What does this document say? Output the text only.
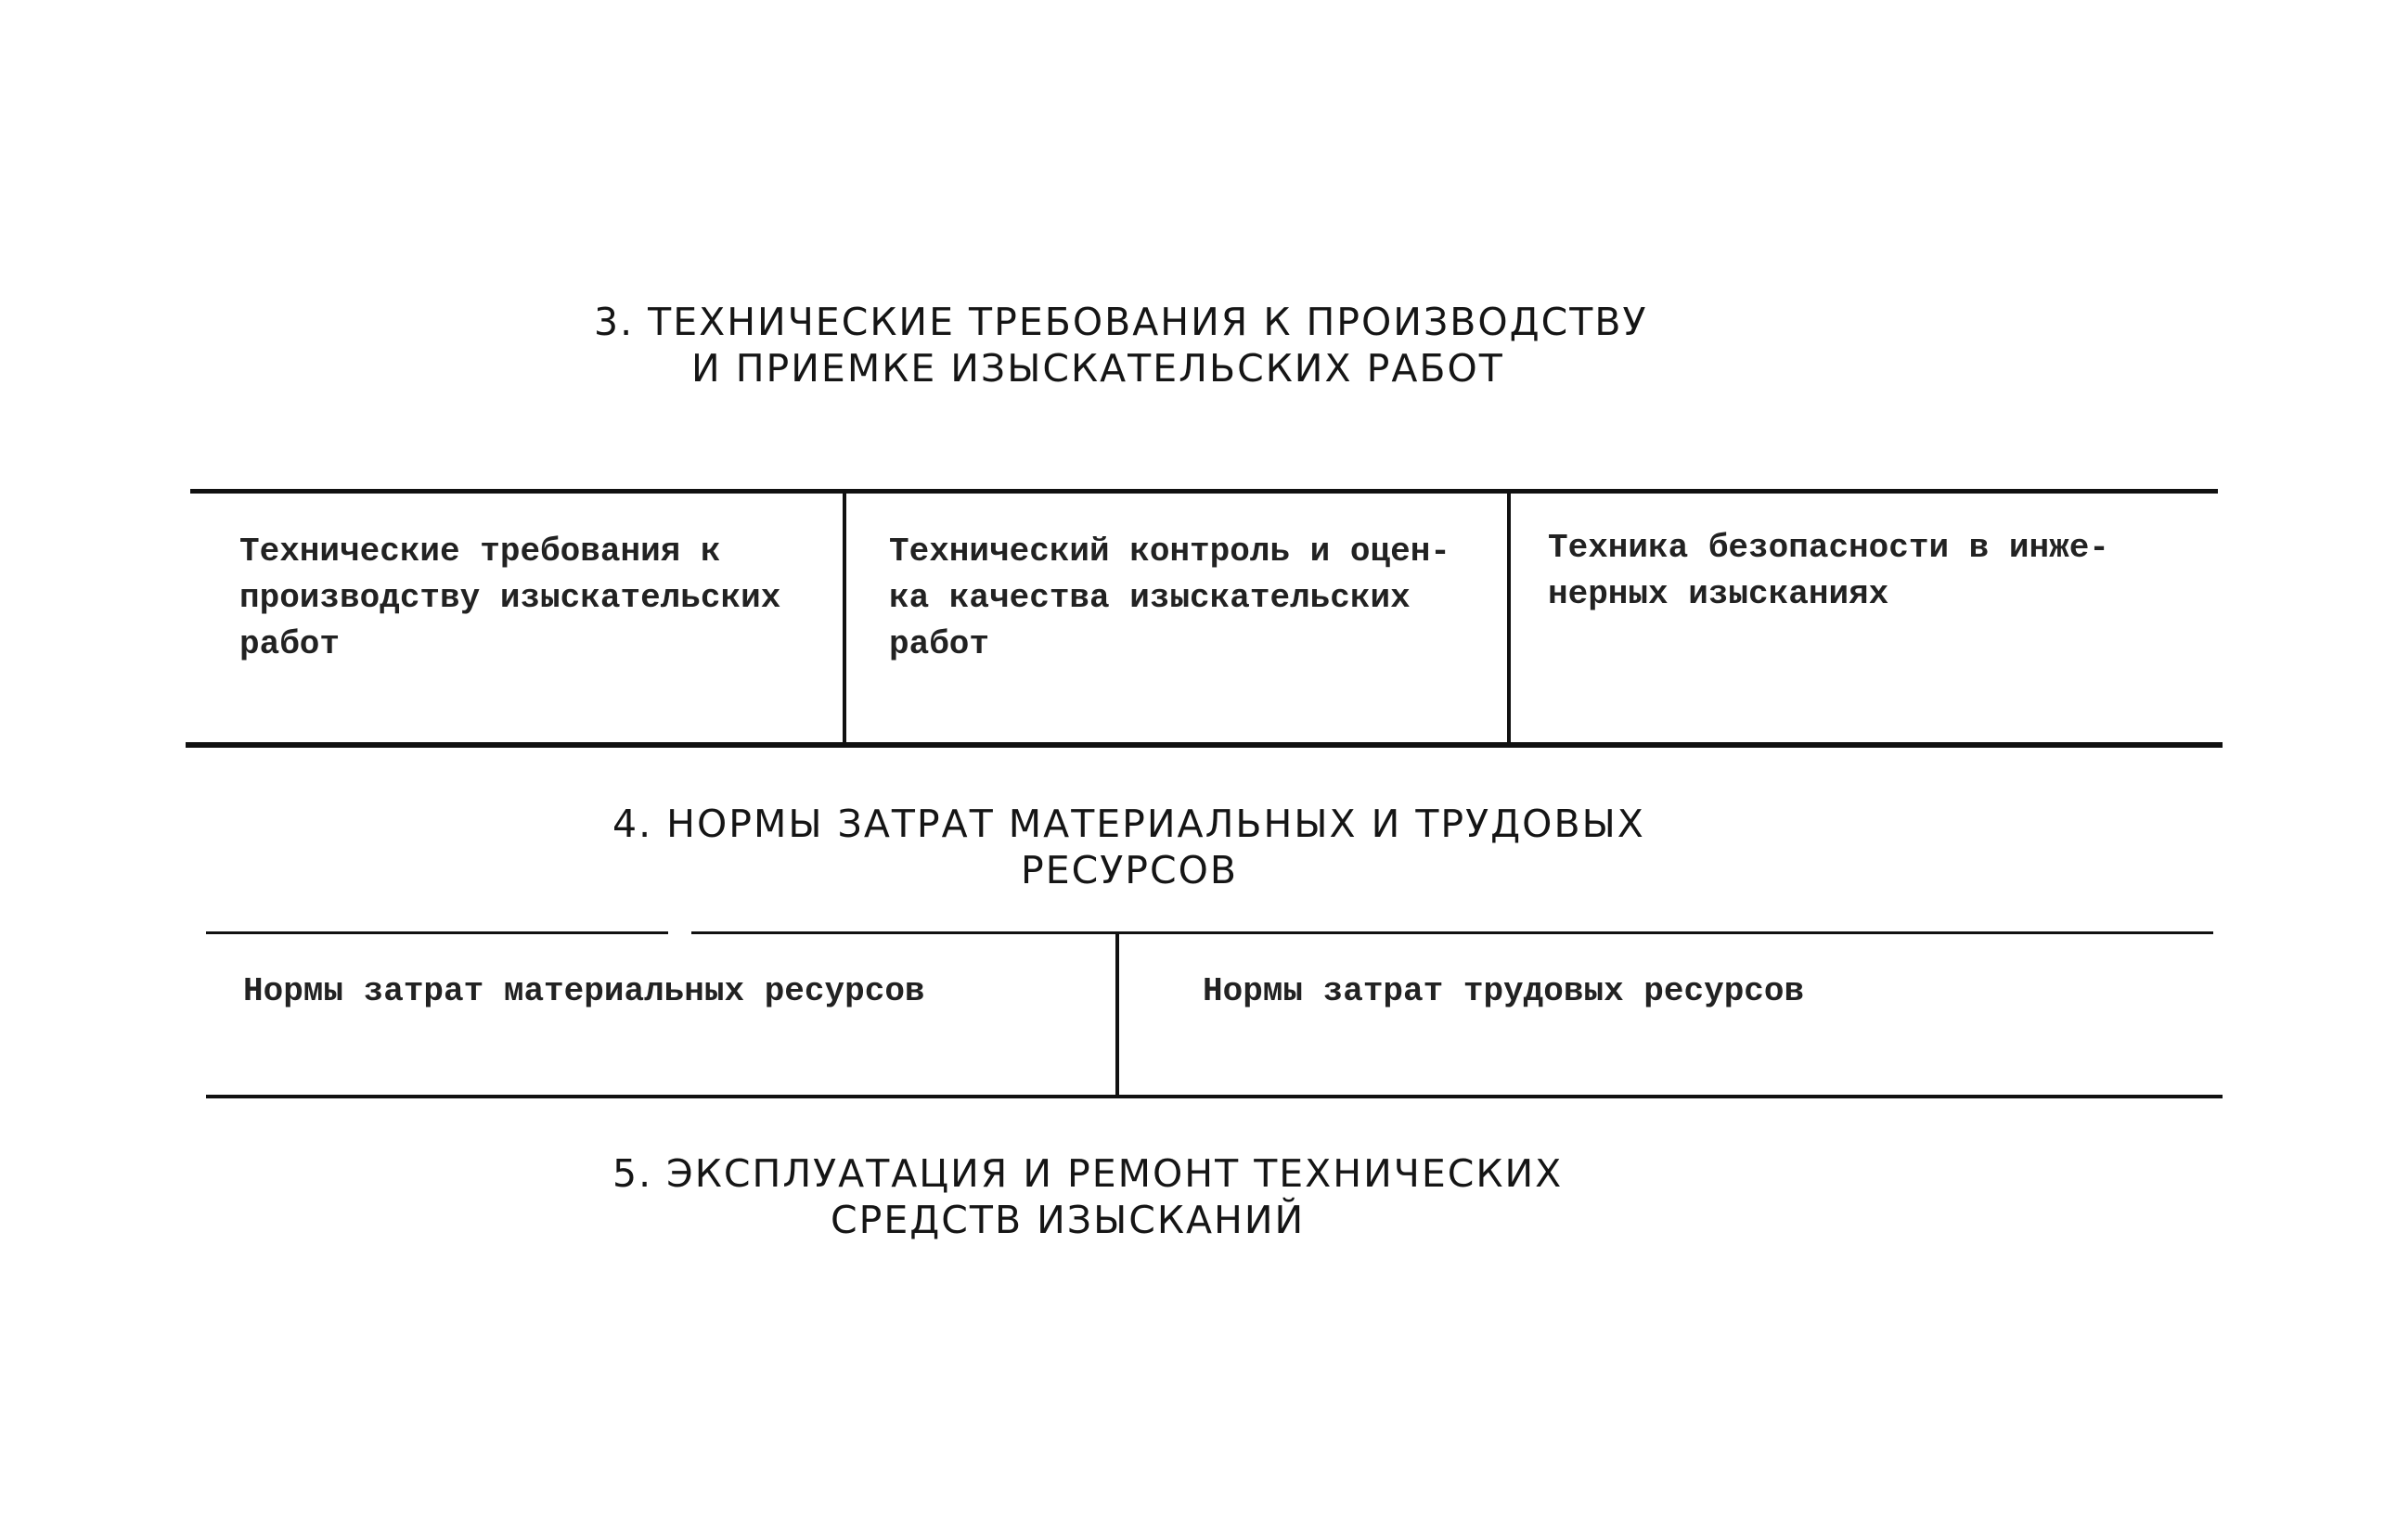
3. ТЕХНИЧЕСКИЕ ТРЕБОВАНИЯ К ПРОИЗВОДСТВУ
И ПРИЕМКЕ ИЗЫСКАТЕЛЬСКИХ РАБОТ
Технические требования к
производству изыскательских
работ
Технический контроль и оцен-
ка качества изыскательских
работ
Техника безопасности в инже-
нерных изысканиях
4. НОРМЫ ЗАТРАТ МАТЕРИАЛЬНЫХ И ТРУДОВЫХ
РЕСУРСОВ
Нормы затрат материальных ресурсов	Нормы затрат трудовых ресурсов
5. ЭКСПЛУАТАЦИЯ И РЕМОНТ ТЕХНИЧЕСКИХ
СРЕДСТВ ИЗЫСКАНИЙ
